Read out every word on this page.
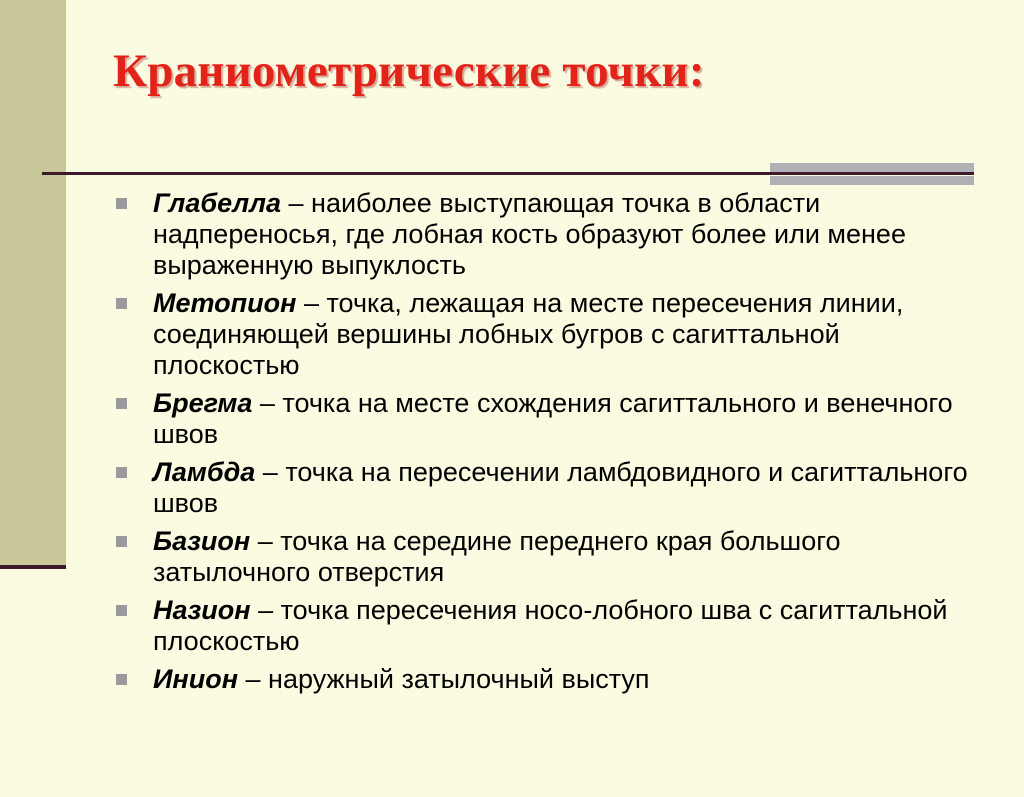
Краниометрические точки:
Глабелла – наиболее выступающая точка в области надпереносья, где лобная кость образуют более или менее выраженную выпуклость
Метопион – точка, лежащая на месте пересечения линии, соединяющей вершины лобных бугров с сагиттальной плоскостью
Брегма – точка на месте схождения сагиттального и венечного швов
Ламбда – точка на пересечении ламбдовидного и сагиттального швов
Базион – точка на середине переднего края большого затылочного отверстия
Назион – точка пересечения носо-лобного шва с сагиттальной плоскостью
Инион – наружный затылочный выступ
